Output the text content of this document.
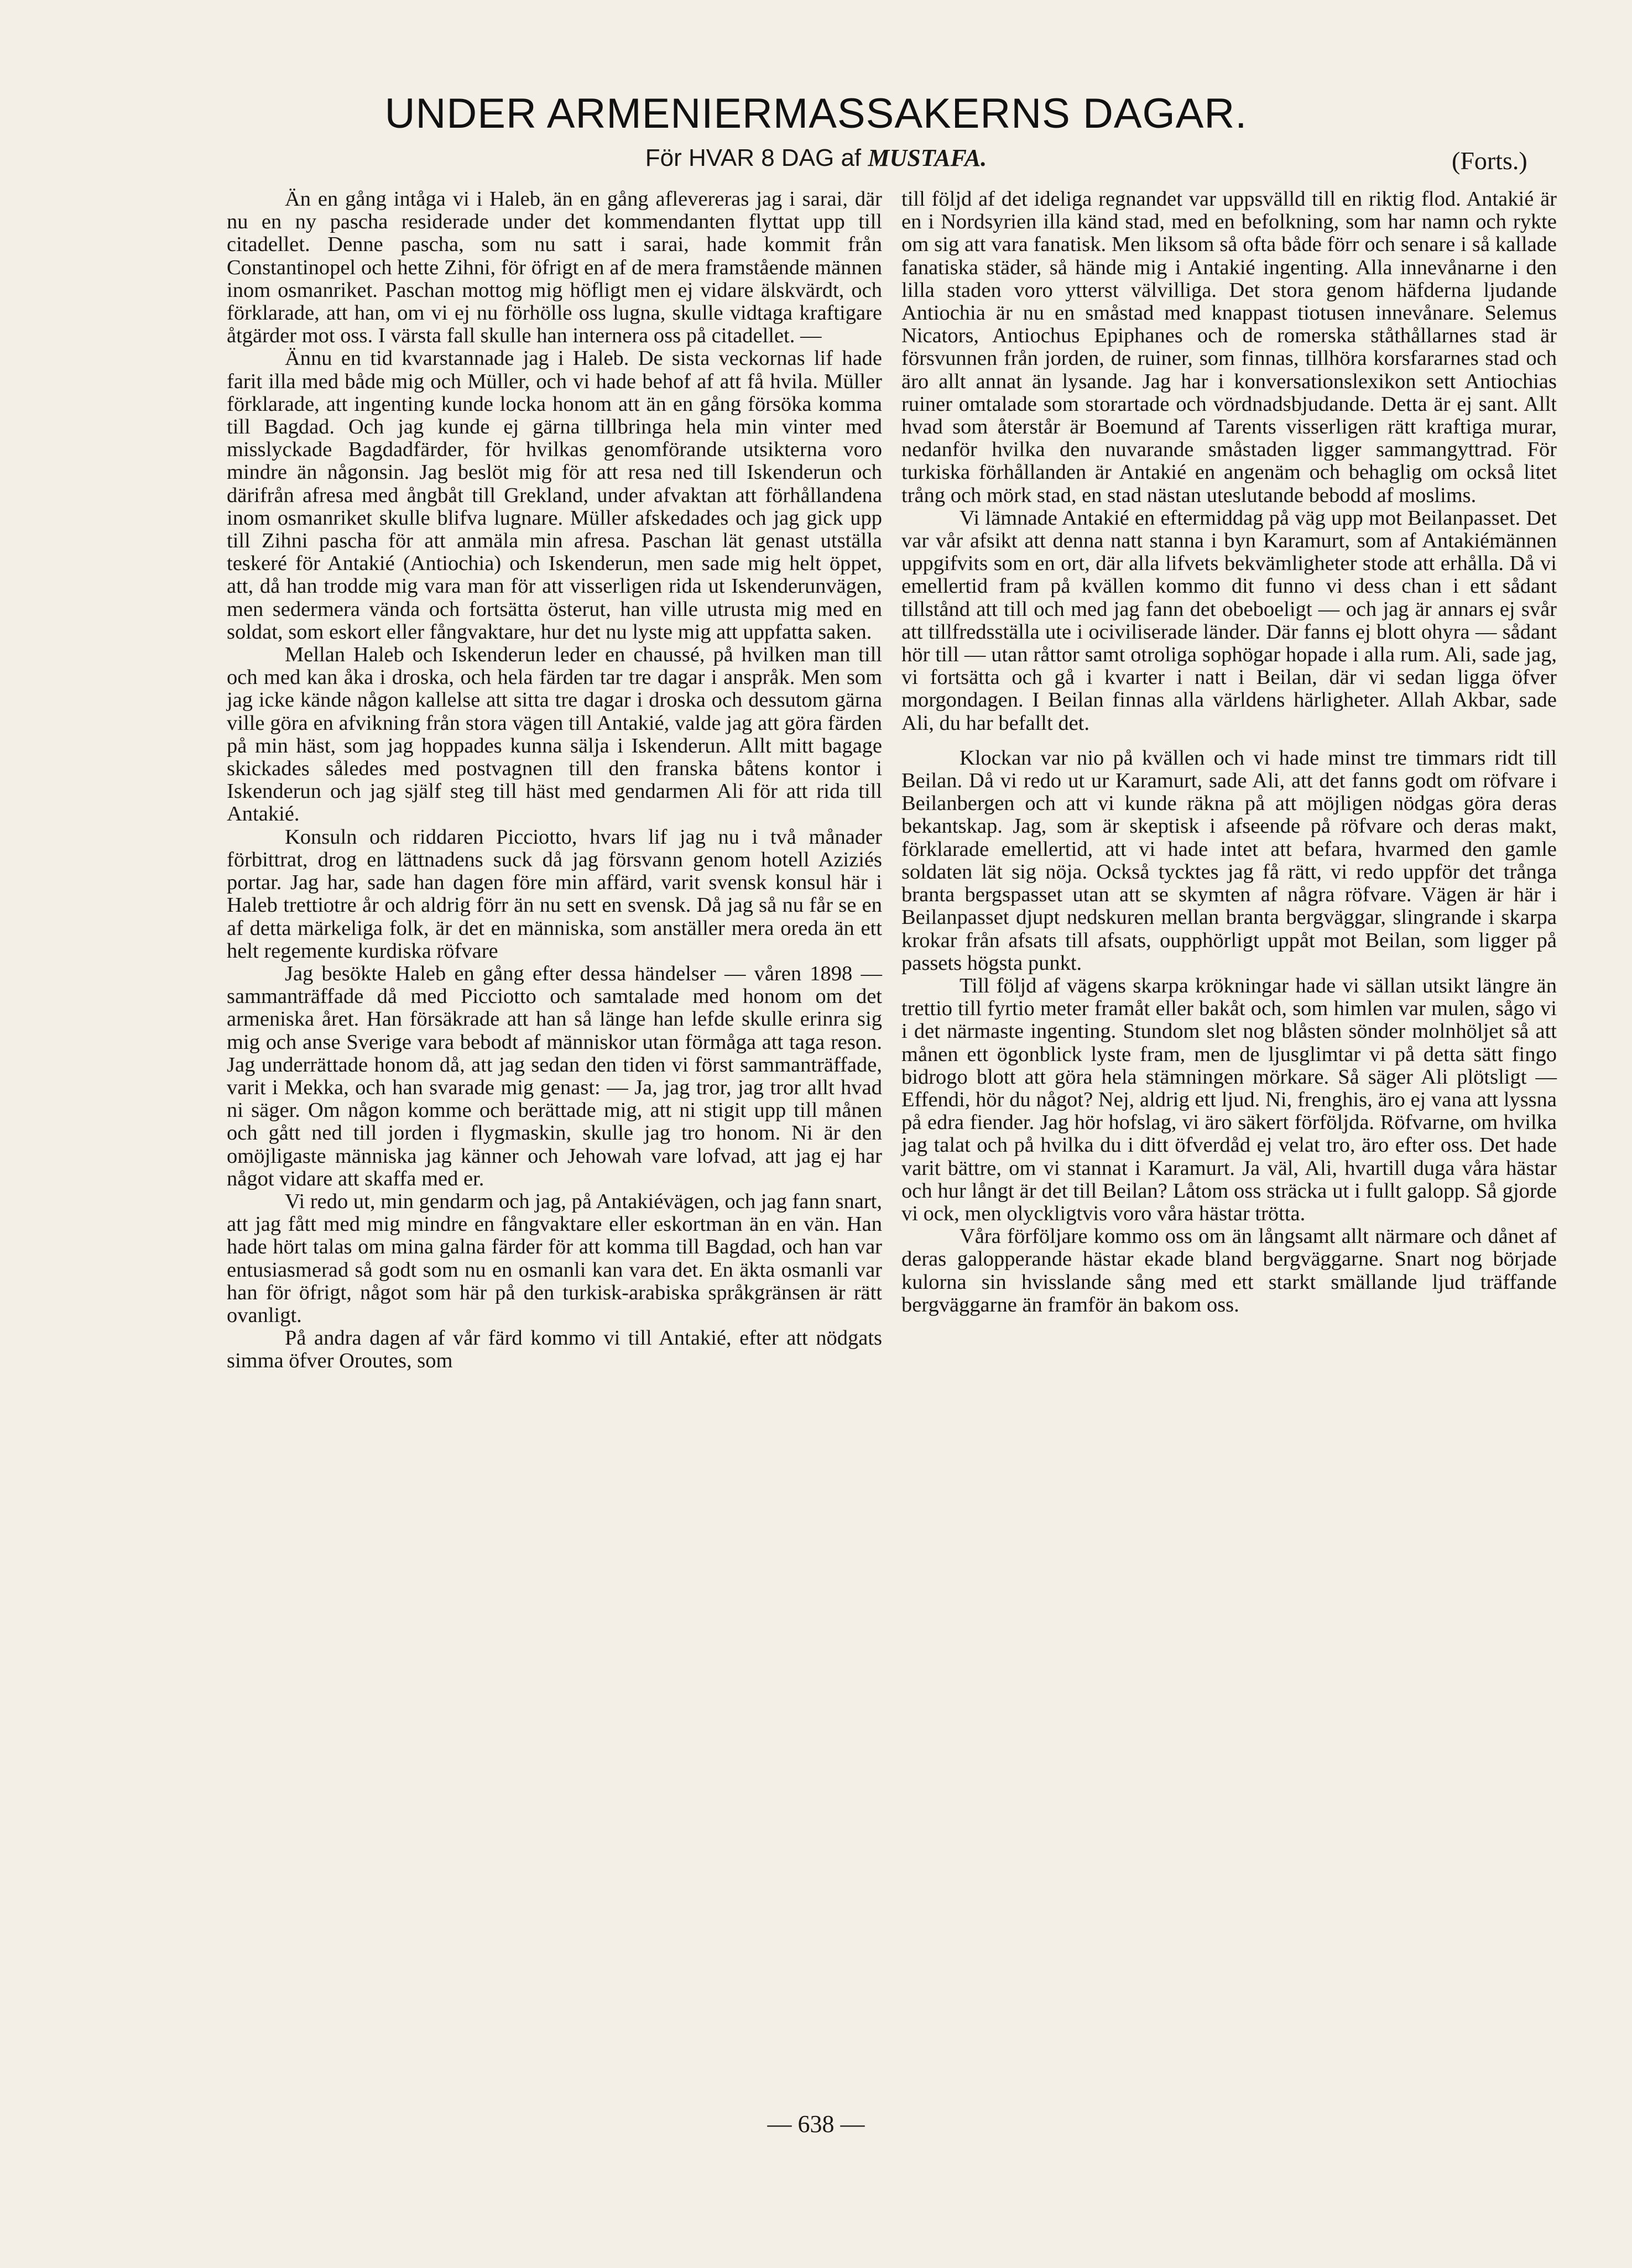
UNDER ARMENIERMASSAKERNS DAGAR.
För HVAR 8 DAG af MUSTAFA.	(Forts.)

Än en gång intåga vi i Haleb, än en gång aflevereras jag i sarai, där nu en ny pascha residerade under det kommendanten flyttat upp till citadellet. Denne pascha, som nu satt i sarai, hade kommit från Constantinopel och hette Zihni, för öfrigt en af de mera framstående männen inom osmanriket. Paschan mottog mig höfligt men ej vidare älskvärdt, och förklarade, att han, om vi ej nu förhölle oss lugna, skulle vidtaga kraftigare åtgärder mot oss. I värsta fall skulle han internera oss på citadellet. —

Ännu en tid kvarstannade jag i Haleb. De sista veckornas lif hade farit illa med både mig och Müller, och vi hade behof af att få hvila. Müller förklarade, att ingenting kunde locka honom att än en gång försöka komma till Bagdad. Och jag kunde ej gärna tillbringa hela min vinter med misslyckade Bagdadfärder, för hvilkas genomförande utsikterna voro mindre än någonsin. Jag beslöt mig för att resa ned till Iskenderun och därifrån afresa med ångbåt till Grekland, under afvaktan att förhållandena inom osmanriket skulle blifva lugnare. Müller afskedades och jag gick upp till Zihni pascha för att anmäla min afresa. Paschan lät genast utställa teskeré för Antakié (Antiochia) och Iskenderun, men sade mig helt öppet, att, då han trodde mig vara man för att visserligen rida ut Iskenderunvägen, men sedermera vända och fortsätta österut, han ville utrusta mig med en soldat, som eskort eller fångvaktare, hur det nu lyste mig att uppfatta saken.

Mellan Haleb och Iskenderun leder en chaussé, på hvilken man till och med kan åka i droska, och hela färden tar tre dagar i anspråk. Men som jag icke kände någon kallelse att sitta tre dagar i droska och dessutom gärna ville göra en afvikning från stora vägen till Antakié, valde jag att göra färden på min häst, som jag hoppades kunna sälja i Iskenderun. Allt mitt bagage skickades således med postvagnen till den franska båtens kontor i Iskenderun och jag själf steg till häst med gendarmen Ali för att rida till Antakié.

Konsuln och riddaren Picciotto, hvars lif jag nu i två månader förbittrat, drog en lättnadens suck då jag försvann genom hotell Aziziés portar. Jag har, sade han dagen före min affärd, varit svensk konsul här i Haleb trettiotre år och aldrig förr än nu sett en svensk. Då jag så nu får se en af detta märkeliga folk, är det en människa, som anställer mera oreda än ett helt regemente kurdiska röfvare

Jag besökte Haleb en gång efter dessa händelser — våren 1898 — sammanträffade då med Picciotto och samtalade med honom om det armeniska året. Han försäkrade att han så länge han lefde skulle erinra sig mig och anse Sverige vara bebodt af människor utan förmåga att taga reson. Jag underrättade honom då, att jag sedan den tiden vi först sammanträffade, varit i Mekka, och han svarade mig genast: — Ja, jag tror, jag tror allt hvad ni säger. Om någon komme och berättade mig, att ni stigit upp till månen och gått ned till jorden i flygmaskin, skulle jag tro honom. Ni är den omöjligaste människa jag känner och Jehowah vare lofvad, att jag ej har något vidare att skaffa med er.

Vi redo ut, min gendarm och jag, på Antakiévägen, och jag fann snart, att jag fått med mig mindre en fångvaktare eller eskortman än en vän. Han hade hört talas om mina galna färder för att komma till Bagdad, och han var entusiasmerad så godt som nu en osmanli kan vara det. En äkta osmanli var han för öfrigt, något som här på den turkisk-arabiska språkgränsen är rätt ovanligt.

På andra dagen af vår färd kommo vi till Antakié, efter att nödgats simma öfver Oroutes, som

till följd af det ideliga regnandet var uppsvälld till en riktig flod. Antakié är en i Nordsyrien illa känd stad, med en befolkning, som har namn och rykte om sig att vara fanatisk. Men liksom så ofta både förr och senare i så kallade fanatiska städer, så hände mig i Antakié ingenting. Alla innevånarne i den lilla staden voro ytterst välvilliga. Det stora genom häfderna ljudande Antiochia är nu en småstad med knappast tiotusen innevånare. Selemus Nicators, Antiochus Epiphanes och de romerska ståthållarnes stad är försvunnen från jorden, de ruiner, som finnas, tillhöra korsfararnes stad och äro allt annat än lysande. Jag har i konversationslexikon sett Antiochias ruiner omtalade som storartade och vördnadsbjudande. Detta är ej sant. Allt hvad som återstår är Boemund af Tarents visserligen rätt kraftiga murar, nedanför hvilka den nuvarande småstaden ligger sammangyttrad. För turkiska förhållanden är Antakié en angenäm och behaglig om också litet trång och mörk stad, en stad nästan uteslutande bebodd af moslims.

Vi lämnade Antakié en eftermiddag på väg upp mot Beilanpasset. Det var vår afsikt att denna natt stanna i byn Karamurt, som af Antakiémännen uppgifvits som en ort, där alla lifvets bekvämligheter stode att erhålla. Då vi emellertid fram på kvällen kommo dit funno vi dess chan i ett sådant tillstånd att till och med jag fann det obeboeligt — och jag är annars ej svår att tillfredsställa ute i ociviliserade länder. Där fanns ej blott ohyra — sådant hör till — utan råttor samt otroliga sophögar hopade i alla rum. Ali, sade jag, vi fortsätta och gå i kvarter i natt i Beilan, där vi sedan ligga öfver morgondagen. I Beilan finnas alla världens härligheter. Allah Akbar, sade Ali, du har befallt det.

Klockan var nio på kvällen och vi hade minst tre timmars ridt till Beilan. Då vi redo ut ur Karamurt, sade Ali, att det fanns godt om röfvare i Beilanbergen och att vi kunde räkna på att möjligen nödgas göra deras bekantskap. Jag, som är skeptisk i afseende på röfvare och deras makt, förklarade emellertid, att vi hade intet att befara, hvarmed den gamle soldaten lät sig nöja. Också tycktes jag få rätt, vi redo uppför det trånga branta bergspasset utan att se skymten af några röfvare. Vägen är här i Beilanpasset djupt nedskuren mellan branta bergväggar, slingrande i skarpa krokar från afsats till afsats, oupphörligt uppåt mot Beilan, som ligger på passets högsta punkt.

Till följd af vägens skarpa krökningar hade vi sällan utsikt längre än trettio till fyrtio meter framåt eller bakåt och, som himlen var mulen, sågo vi i det närmaste ingenting. Stundom slet nog blåsten sönder molnhöljet så att månen ett ögonblick lyste fram, men de ljusglimtar vi på detta sätt fingo bidrogo blott att göra hela stämningen mörkare. Så säger Ali plötsligt — Effendi, hör du något? Nej, aldrig ett ljud. Ni, frenghis, äro ej vana att lyssna på edra fiender. Jag hör hofslag, vi äro säkert förföljda. Röfvarne, om hvilka jag talat och på hvilka du i ditt öfverdåd ej velat tro, äro efter oss. Det hade varit bättre, om vi stannat i Karamurt. Ja väl, Ali, hvartill duga våra hästar och hur långt är det till Beilan? Låtom oss sträcka ut i fullt galopp. Så gjorde vi ock, men olyckligtvis voro våra hästar trötta.

Våra förföljare kommo oss om än långsamt allt närmare och dånet af deras galopperande hästar ekade bland bergväggarne. Snart nog började kulorna sin hvisslande sång med ett starkt smällande ljud träffande bergväggarne än framför än bakom oss.

— 638 —
